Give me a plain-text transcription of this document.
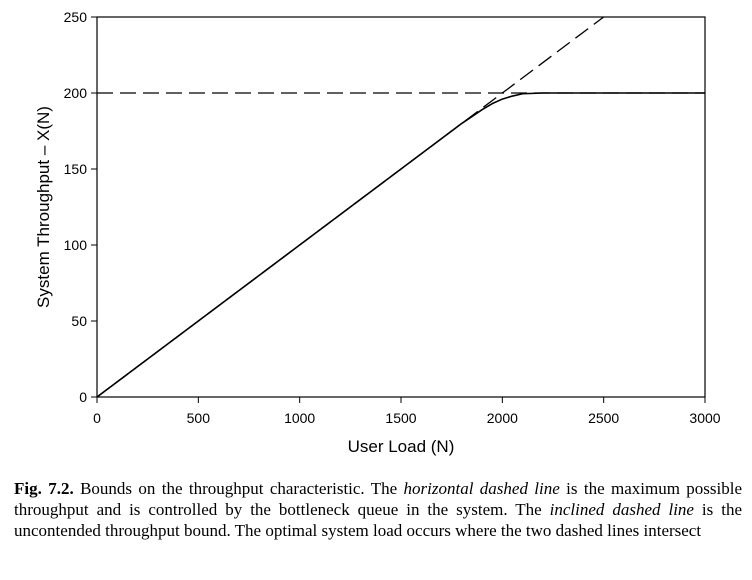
0	500	1000	1500	2000	2500	3000
0
50
100
150
200
250
User Load (N)
System Throughput – X(N)
Fig. 7.2. Bounds on the throughput characteristic. The horizontal dashed line is the maximum possible throughput and is controlled by the bottleneck queue in the system. The inclined dashed line is the uncontended throughput bound. The optimal system load occurs where the two dashed lines intersect
